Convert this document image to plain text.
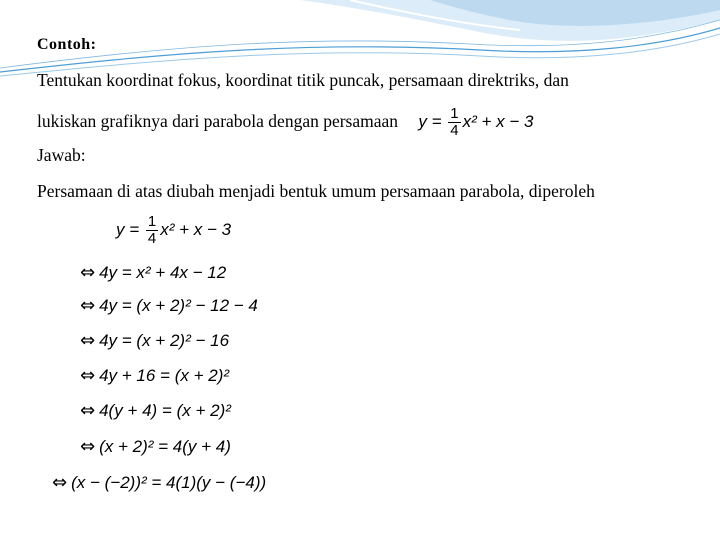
Contoh:
Tentukan koordinat fokus, koordinat titik puncak, persamaan direktriks, dan
lukiskan grafiknya dari parabola dengan persamaan $y = \frac{1}{4} x^2 + x - 3$
Jawab:
Persamaan di atas diubah menjadi bentuk umum persamaan parabola, diperoleh
$y = \frac{1}{4} x^2 + x - 3$
⇔ 4y = x² + 4x − 12
⇔ 4y = (x + 2)² − 12 − 4
⇔ 4y = (x + 2)² − 16
⇔ 4y + 16 = (x + 2)²
⇔ 4(y + 4) = (x + 2)²
⇔ (x + 2)² = 4(y + 4)
⇔ (x − (−2))² = 4(1)(y − (−4))
